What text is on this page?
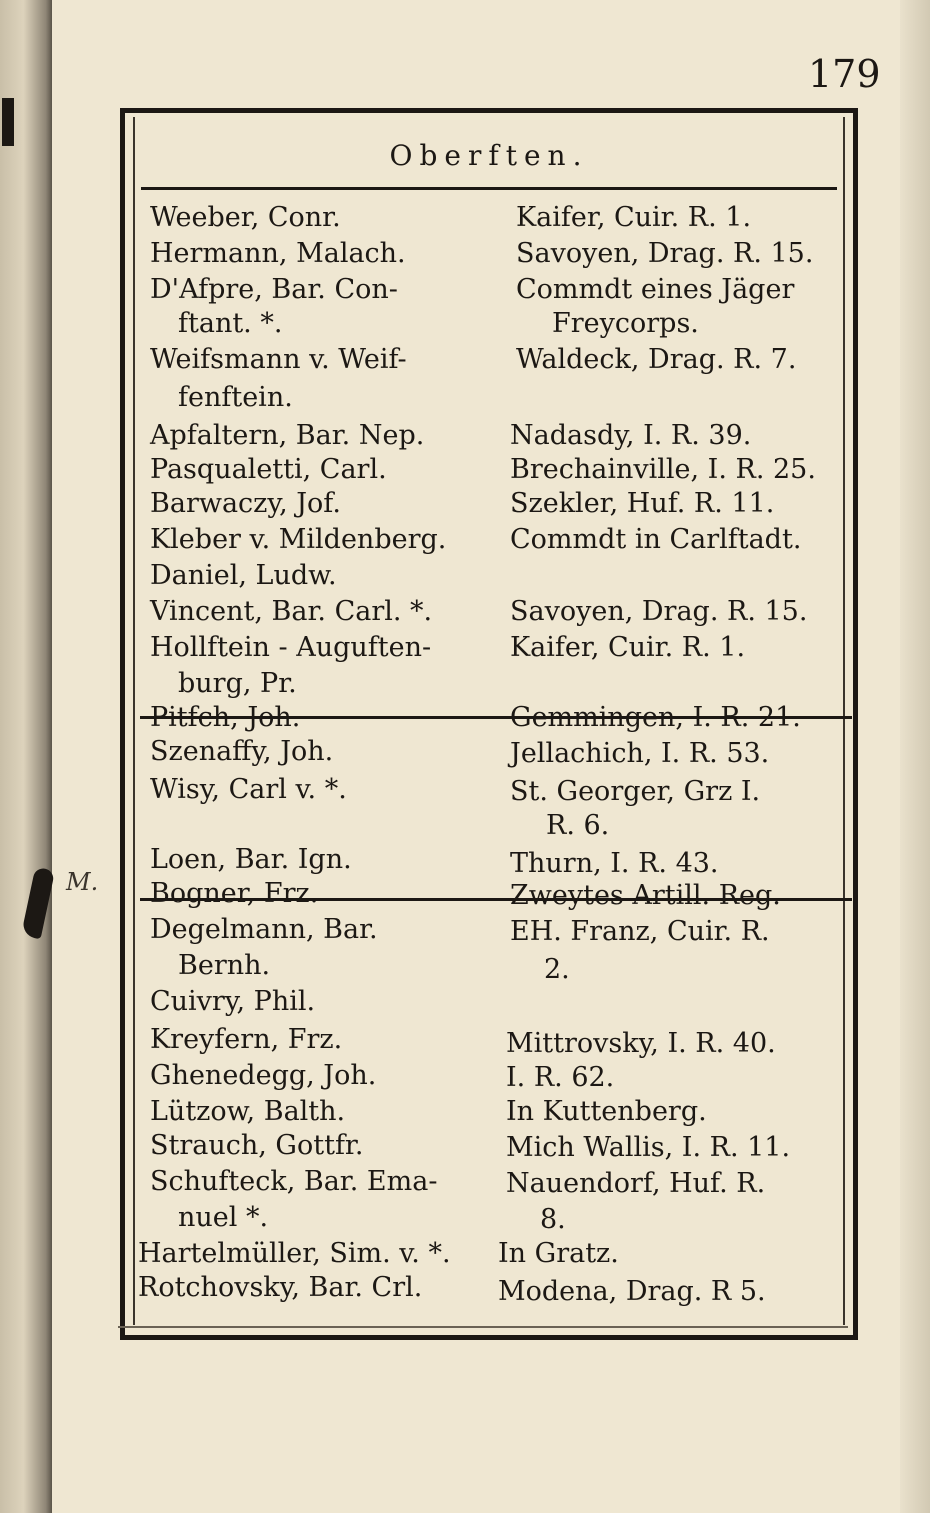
179
Oberften.
Weeber, Conr.
Hermann, Malach.
D'Afpre, Bar. Con-
ftant. *.
Weifsmann v. Weif-
fenftein.
Apfaltern, Bar. Nep.
Pasqualetti, Carl.
Barwaczy, Jof.
Kleber v. Mildenberg.
Daniel, Ludw.
Vincent, Bar. Carl. *.
Hollftein - Auguften-
burg, Pr.
Pitfch, Joh.
Szenaffy, Joh.
Wisy, Carl v. *.
Loen, Bar. Ign.
Bogner, Frz.
Degelmann, Bar.
Bernh.
Cuivry, Phil.
Kreyfern, Frz.
Ghenedegg, Joh.
Lützow, Balth.
Strauch, Gottfr.
Schufteck, Bar. Ema-
nuel *.
Hartelmüller, Sim. v. *.
Rotchovsky, Bar. Crl.
Kaifer, Cuir. R. 1.
Savoyen, Drag. R. 15.
Commdt eines Jäger
Freycorps.
Waldeck, Drag. R. 7.
Nadasdy, I. R. 39.
Brechainville, I. R. 25.
Szekler, Huf. R. 11.
Commdt in Carlftadt.
Savoyen, Drag. R. 15.
Kaifer, Cuir. R. 1.
Gemmingen, I. R. 21.
Jellachich, I. R. 53.
St. Georger, Grz I.
R. 6.
Thurn, I. R. 43.
Zweytes Artill. Reg.
EH. Franz, Cuir. R.
2.
Mittrovsky, I. R. 40.
I. R. 62.
In Kuttenberg.
Mich Wallis, I. R. 11.
Nauendorf, Huf. R.
8.
In Gratz.
Modena, Drag. R 5.
M.
